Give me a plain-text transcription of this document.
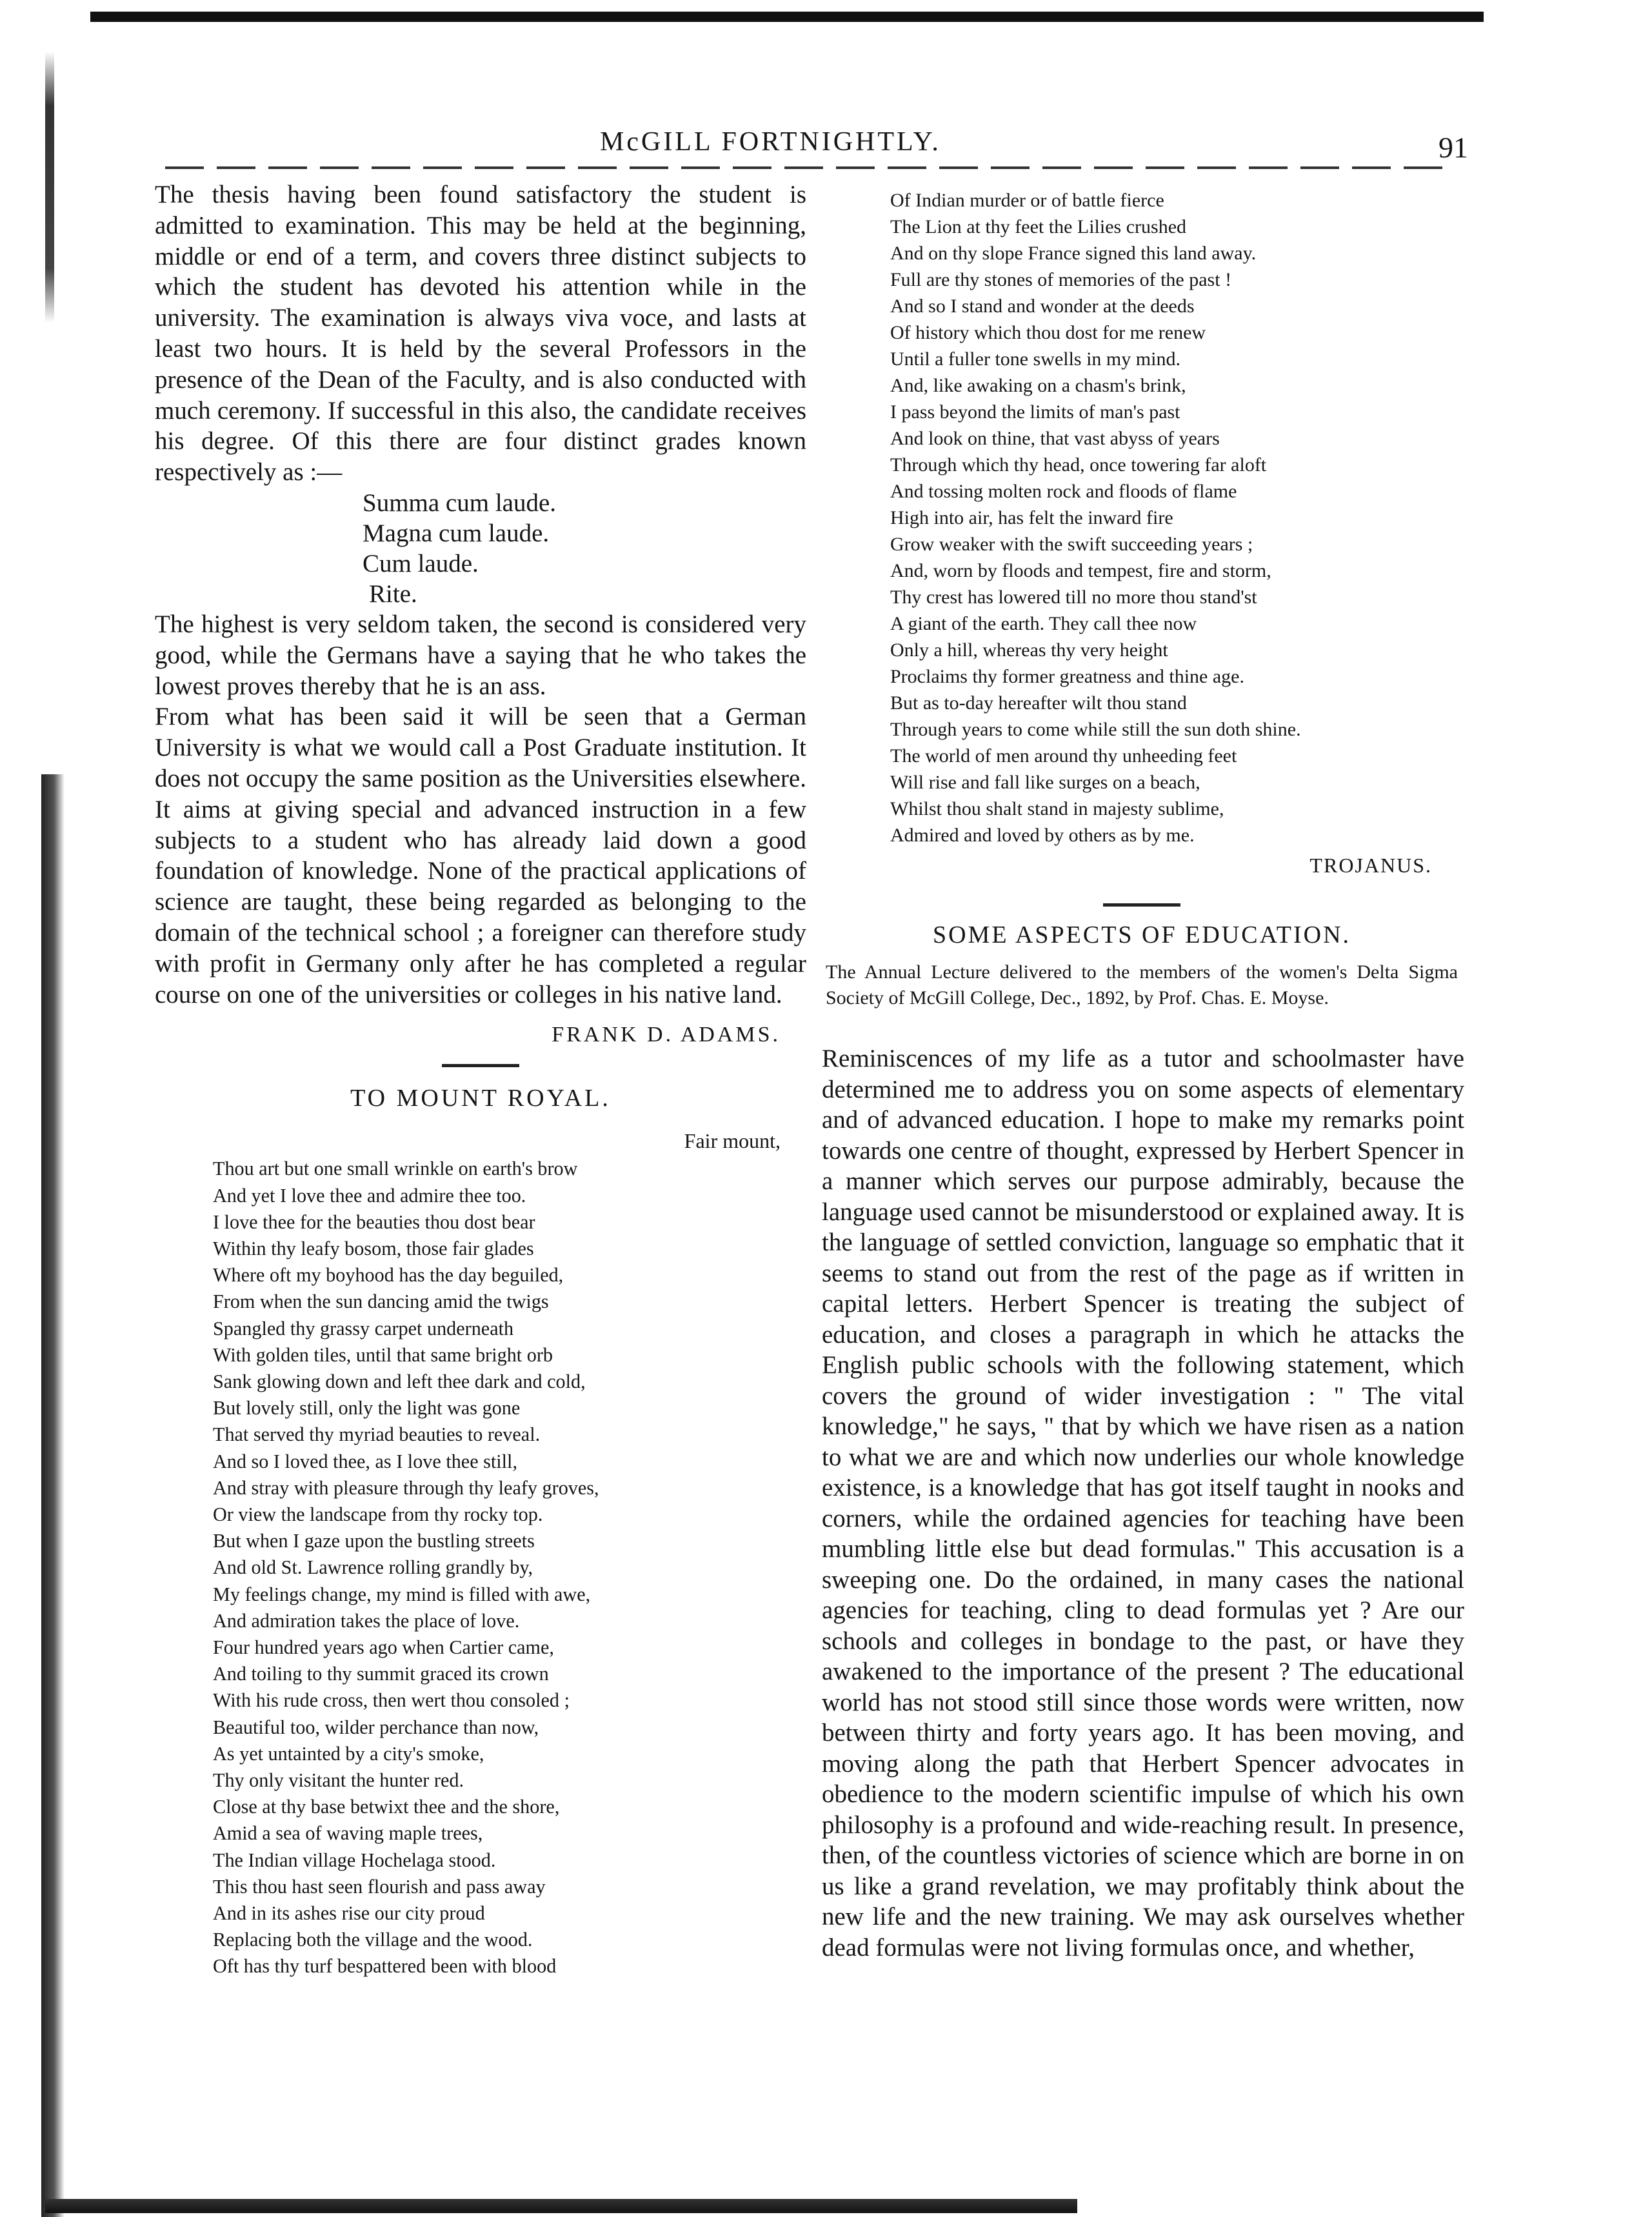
McGILL FORTNIGHTLY.	91

The thesis having been found satisfactory the student is admitted to examination. This may be held at the beginning, middle or end of a term, and covers three distinct subjects to which the student has devoted his attention while in the university. The examination is always viva voce, and lasts at least two hours. It is held by the several Professors in the presence of the Dean of the Faculty, and is also conducted with much ceremony. If successful in this also, the candidate receives his degree. Of this there are four distinct grades known respectively as :—

Summa cum laude.
Magna cum laude.
Cum laude.
Rite.

The highest is very seldom taken, the second is considered very good, while the Germans have a saying that he who takes the lowest proves thereby that he is an ass.

From what has been said it will be seen that a German University is what we would call a Post Graduate institution. It does not occupy the same position as the Universities elsewhere. It aims at giving special and advanced instruction in a few subjects to a student who has already laid down a good foundation of knowledge. None of the practical applications of science are taught, these being regarded as belonging to the domain of the technical school ; a foreigner can therefore study with profit in Germany only after he has completed a regular course on one of the universities or colleges in his native land.

FRANK D. ADAMS.
TO MOUNT ROYAL.
Fair mount,
Thou art but one small wrinkle on earth's brow
And yet I love thee and admire thee too.
I love thee for the beauties thou dost bear
Within thy leafy bosom, those fair glades
Where oft my boyhood has the day beguiled,
From when the sun dancing amid the twigs
Spangled thy grassy carpet underneath
With golden tiles, until that same bright orb
Sank glowing down and left thee dark and cold,
But lovely still, only the light was gone
That served thy myriad beauties to reveal.
And so I loved thee, as I love thee still,
And stray with pleasure through thy leafy groves,
Or view the landscape from thy rocky top.
But when I gaze upon the bustling streets
And old St. Lawrence rolling grandly by,
My feelings change, my mind is filled with awe,
And admiration takes the place of love.
Four hundred years ago when Cartier came,
And toiling to thy summit graced its crown
With his rude cross, then wert thou consoled ;
Beautiful too, wilder perchance than now,
As yet untainted by a city's smoke,
Thy only visitant the hunter red.
Close at thy base betwixt thee and the shore,
Amid a sea of waving maple trees,
The Indian village Hochelaga stood.
This thou hast seen flourish and pass away
And in its ashes rise our city proud
Replacing both the village and the wood.
Oft has thy turf bespattered been with blood
Of Indian murder or of battle fierce
The Lion at thy feet the Lilies crushed
And on thy slope France signed this land away.
Full are thy stones of memories of the past !
And so I stand and wonder at the deeds
Of history which thou dost for me renew
Until a fuller tone swells in my mind.
And, like awaking on a chasm's brink,
I pass beyond the limits of man's past
And look on thine, that vast abyss of years
Through which thy head, once towering far aloft
And tossing molten rock and floods of flame
High into air, has felt the inward fire
Grow weaker with the swift succeeding years ;
And, worn by floods and tempest, fire and storm,
Thy crest has lowered till no more thou stand'st
A giant of the earth. They call thee now
Only a hill, whereas thy very height
Proclaims thy former greatness and thine age.
But as to-day hereafter wilt thou stand
Through years to come while still the sun doth shine.
The world of men around thy unheeding feet
Will rise and fall like surges on a beach,
Whilst thou shalt stand in majesty sublime,
Admired and loved by others as by me.
TROJANUS.
SOME ASPECTS OF EDUCATION.

The Annual Lecture delivered to the members of the women's Delta Sigma Society of McGill College, Dec., 1892, by Prof. Chas. E. Moyse.

Reminiscences of my life as a tutor and schoolmaster have determined me to address you on some aspects of elementary and of advanced education. I hope to make my remarks point towards one centre of thought, expressed by Herbert Spencer in a manner which serves our purpose admirably, because the language used cannot be misunderstood or explained away. It is the language of settled conviction, language so emphatic that it seems to stand out from the rest of the page as if written in capital letters. Herbert Spencer is treating the subject of education, and closes a paragraph in which he attacks the English public schools with the following statement, which covers the ground of wider investigation : " The vital knowledge," he says, " that by which we have risen as a nation to what we are and which now underlies our whole knowledge existence, is a knowledge that has got itself taught in nooks and corners, while the ordained agencies for teaching have been mumbling little else but dead formulas." This accusation is a sweeping one. Do the ordained, in many cases the national agencies for teaching, cling to dead formulas yet ? Are our schools and colleges in bondage to the past, or have they awakened to the importance of the present ? The educational world has not stood still since those words were written, now between thirty and forty years ago. It has been moving, and moving along the path that Herbert Spencer advocates in obedience to the modern scientific impulse of which his own philosophy is a profound and wide-reaching result. In presence, then, of the countless victories of science which are borne in on us like a grand revelation, we may profitably think about the new life and the new training. We may ask ourselves whether dead formulas were not living formulas once, and whether,
